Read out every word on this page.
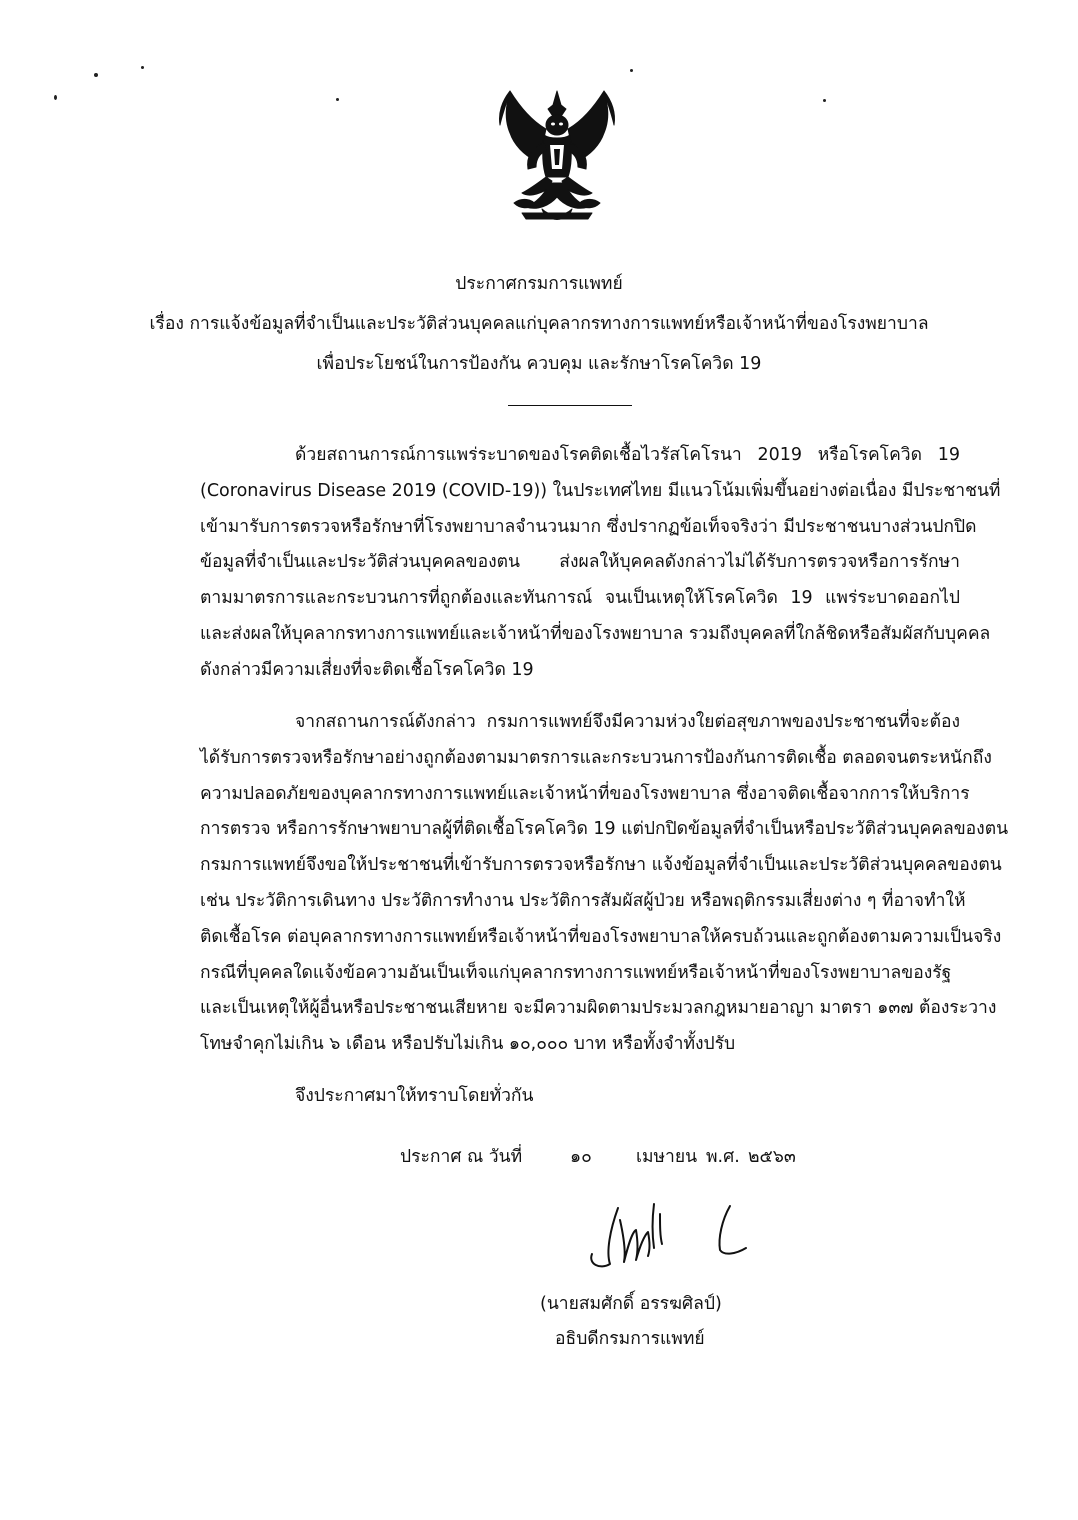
ประกาศกรมการแพทย์
เรื่อง การแจ้งข้อมูลที่จำเป็นและประวัติส่วนบุคคลแก่บุคลากรทางการแพทย์หรือเจ้าหน้าที่ของโรงพยาบาล
เพื่อประโยชน์ในการป้องกัน ควบคุม และรักษาโรคโควิด 19
ด้วยสถานการณ์การแพร่ระบาดของโรคติดเชื้อไวรัสโคโรนา 2019 หรือโรคโควิด 19
(Coronavirus Disease 2019 (COVID-19)) ในประเทศไทย มีแนวโน้มเพิ่มขึ้นอย่างต่อเนื่อง มีประชาชนที่
เข้ามารับการตรวจหรือรักษาที่โรงพยาบาลจำนวนมาก ซึ่งปรากฏข้อเท็จจริงว่า มีประชาชนบางส่วนปกปิด
ข้อมูลที่จำเป็นและประวัติส่วนบุคคลของตน ส่งผลให้บุคคลดังกล่าวไม่ได้รับการตรวจหรือการรักษา
ตามมาตรการและกระบวนการที่ถูกต้องและทันการณ์ จนเป็นเหตุให้โรคโควิด 19 แพร่ระบาดออกไป
และส่งผลให้บุคลากรทางการแพทย์และเจ้าหน้าที่ของโรงพยาบาล รวมถึงบุคคลที่ใกล้ชิดหรือสัมผัสกับบุคคล
ดังกล่าวมีความเสี่ยงที่จะติดเชื้อโรคโควิด 19
จากสถานการณ์ดังกล่าว กรมการแพทย์จึงมีความห่วงใยต่อสุขภาพของประชาชนที่จะต้อง
ได้รับการตรวจหรือรักษาอย่างถูกต้องตามมาตรการและกระบวนการป้องกันการติดเชื้อ ตลอดจนตระหนักถึง
ความปลอดภัยของบุคลากรทางการแพทย์และเจ้าหน้าที่ของโรงพยาบาล ซึ่งอาจติดเชื้อจากการให้บริการ
การตรวจ หรือการรักษาพยาบาลผู้ที่ติดเชื้อโรคโควิด 19 แต่ปกปิดข้อมูลที่จำเป็นหรือประวัติส่วนบุคคลของตน
กรมการแพทย์จึงขอให้ประชาชนที่เข้ารับการตรวจหรือรักษา แจ้งข้อมูลที่จำเป็นและประวัติส่วนบุคคลของตน
เช่น ประวัติการเดินทาง ประวัติการทำงาน ประวัติการสัมผัสผู้ป่วย หรือพฤติกรรมเสี่ยงต่าง ๆ ที่อาจทำให้
ติดเชื้อโรค ต่อบุคลากรทางการแพทย์หรือเจ้าหน้าที่ของโรงพยาบาลให้ครบถ้วนและถูกต้องตามความเป็นจริง
กรณีที่บุคคลใดแจ้งข้อความอันเป็นเท็จแก่บุคลากรทางการแพทย์หรือเจ้าหน้าที่ของโรงพยาบาลของรัฐ
และเป็นเหตุให้ผู้อื่นหรือประชาชนเสียหาย จะมีความผิดตามประมวลกฎหมายอาญา มาตรา ๑๓๗ ต้องระวาง
โทษจำคุกไม่เกิน ๖ เดือน หรือปรับไม่เกิน ๑๐,๐๐๐ บาท หรือทั้งจำทั้งปรับ
จึงประกาศมาให้ทราบโดยทั่วกัน
ประกาศ ณ วันที่	๑๐	เมษายน พ.ศ. ๒๕๖๓
(นายสมศักดิ์ อรรฆศิลป์)
อธิบดีกรมการแพทย์
